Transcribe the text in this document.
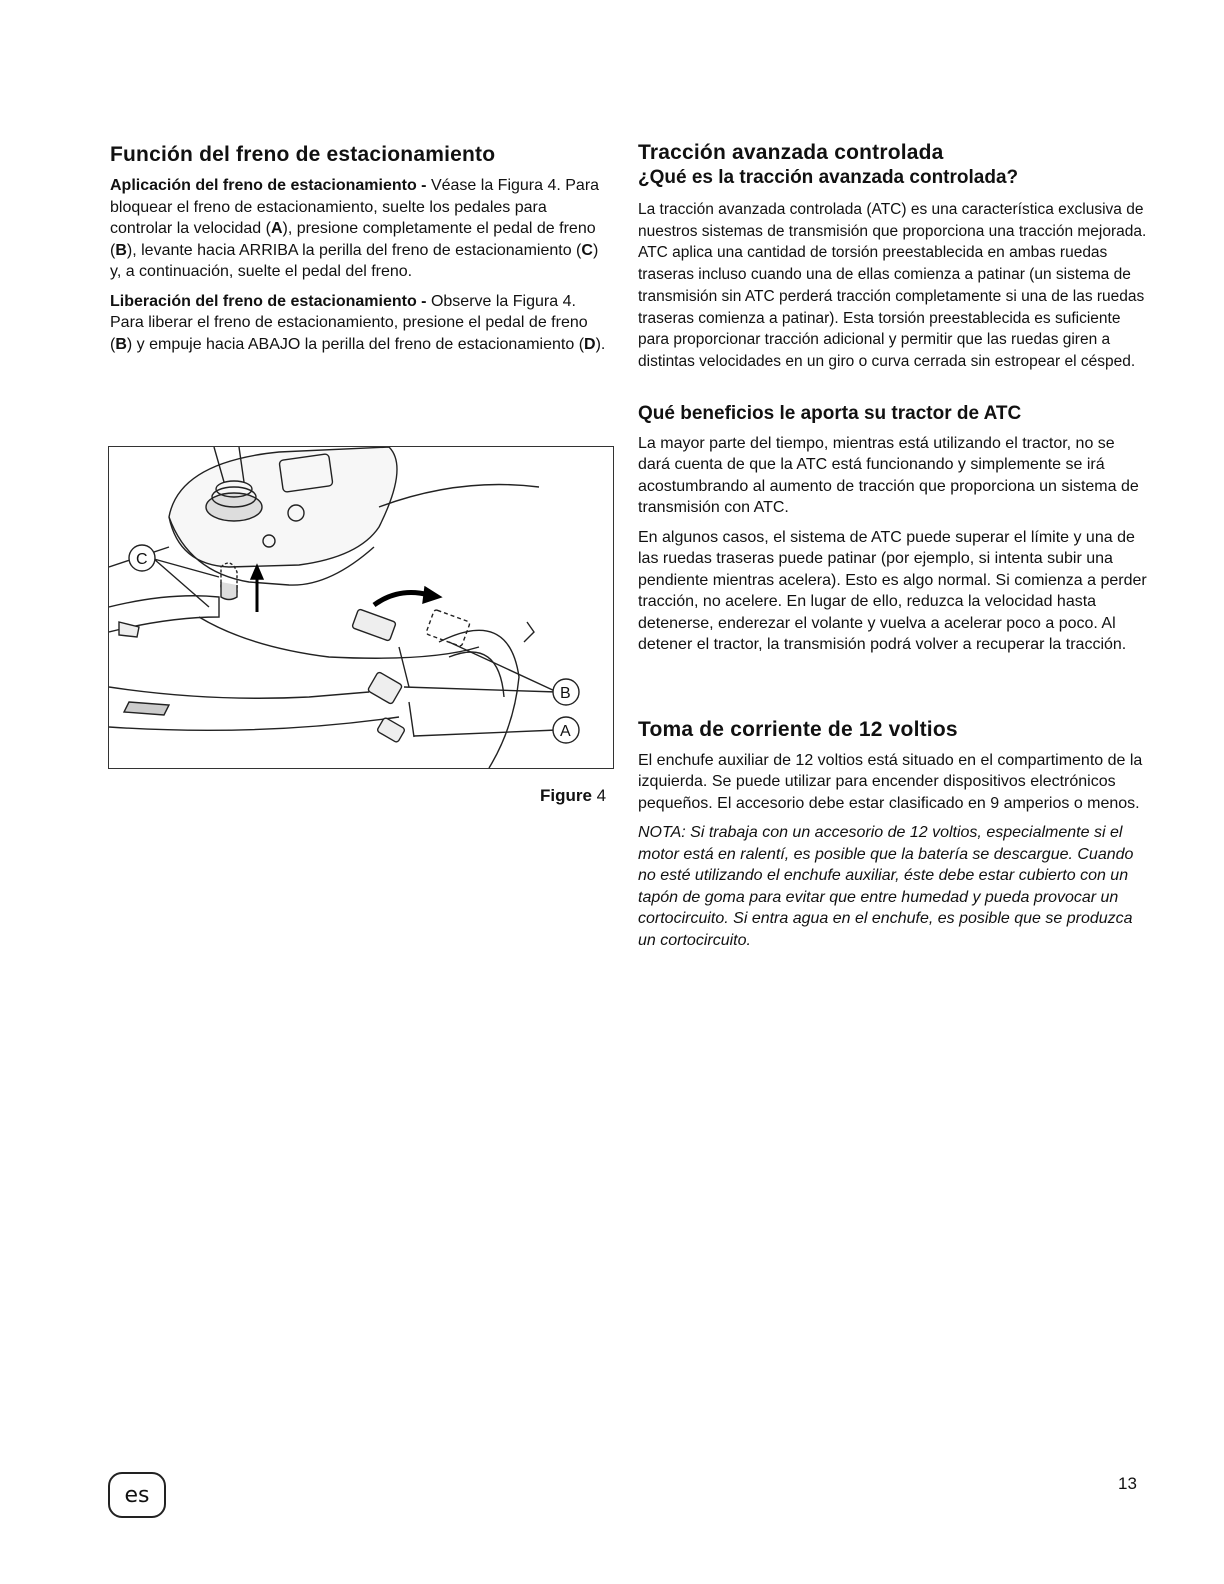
Función del freno de estacionamiento

Aplicación del freno de estacionamiento - Véase la Figura 4. Para bloquear el freno de estacionamiento, suelte los pedales para controlar la velocidad (A), presione completamente el pedal de freno (B), levante hacia ARRIBA la perilla del freno de estacionamiento (C) y, a continuación, suelte el pedal del freno.

Liberación del freno de estacionamiento - Observe la Figura 4. Para liberar el freno de estacionamiento, presione el pedal de freno (B) y empuje hacia ABAJO la perilla del freno de estacionamiento (D).

C
B
A
Figure 4
Tracción avanzada controlada
¿Qué es la tracción avanzada controlada?

La tracción avanzada controlada (ATC) es una característica exclusiva de nuestros sistemas de transmisión que proporciona una tracción mejorada. ATC aplica una cantidad de torsión preestablecida en ambas ruedas traseras incluso cuando una de ellas comienza a patinar (un sistema de transmisión sin ATC perderá tracción completamente si una de las ruedas traseras comienza a patinar). Esta torsión preestablecida es suficiente para proporcionar tracción adicional y permitir que las ruedas giren a distintas velocidades en un giro o curva cerrada sin estropear el césped.

Qué beneficios le aporta su tractor de ATC

La mayor parte del tiempo, mientras está utilizando el tractor, no se dará cuenta de que la ATC está funcionando y simplemente se irá acostumbrando al aumento de tracción que proporciona un sistema de transmisión con ATC.

En algunos casos, el sistema de ATC puede superar el límite y una de las ruedas traseras puede patinar (por ejemplo, si intenta subir una pendiente mientras acelera). Esto es algo normal. Si comienza a perder tracción, no acelere. En lugar de ello, reduzca la velocidad hasta detenerse, enderezar el volante y vuelva a acelerar poco a poco. Al detener el tractor, la transmisión podrá volver a recuperar la tracción.

Toma de corriente de 12 voltios

El enchufe auxiliar de 12 voltios está situado en el compartimento de la izquierda. Se puede utilizar para encender dispositivos electrónicos pequeños. El accesorio debe estar clasificado en 9 amperios o menos.

NOTA: Si trabaja con un accesorio de 12 voltios, especialmente si el motor está en ralentí, es posible que la batería se descargue. Cuando no esté utilizando el enchufe auxiliar, éste debe estar cubierto con un tapón de goma para evitar que entre humedad y pueda provocar un cortocircuito. Si entra agua en el enchufe, es posible que se produzca un cortocircuito.

es	13
